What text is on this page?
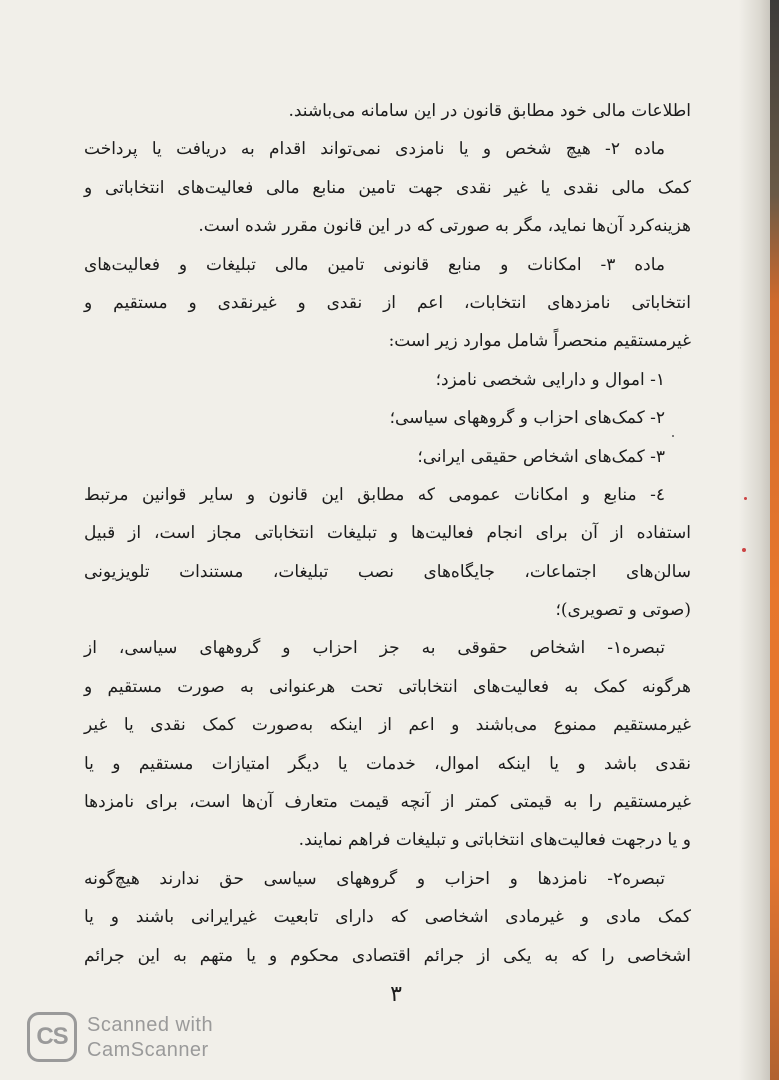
اطلاعات مالی خود مطابق قانون در این سامانه می‌باشند.
ماده ۲- هیچ شخص و یا نامزدی نمی‌تواند اقدام به دریافت یا پرداخت
کمک مالی نقدی یا غیر نقدی جهت تامین منابع مالی فعالیت‌های انتخاباتی و
هزینه‌کرد آن‌ها نماید، مگر به صورتی که در این قانون مقرر شده است.
ماده ۳- امکانات و منابع قانونی تامین مالی تبلیغات و فعالیت‌های
انتخاباتی نامزدهای انتخابات، اعم از نقدی و غیرنقدی و مستقیم و
غیرمستقیم منحصراً شامل موارد زیر است:
۱- اموال و دارایی شخصی نامزد؛
۲- کمک‌های احزاب و گروههای سیاسی؛
۳- کمک‌های اشخاص حقیقی ایرانی؛
٤- منابع و امکانات عمومی که مطابق این قانون و سایر قوانین مرتبط
استفاده از آن برای انجام فعالیت‌ها و تبلیغات انتخاباتی مجاز است، از قبیل
سالن‌های اجتماعات، جایگاه‌های نصب تبلیغات، مستندات تلویزیونی
(صوتی و تصویری)؛
تبصره۱- اشخاص حقوقی به جز احزاب و گروههای سیاسی، از
هرگونه کمک به فعالیت‌های انتخاباتی تحت هرعنوانی به صورت مستقیم و
غیرمستقیم ممنوع می‌باشند و اعم از اینکه به‌صورت کمک نقدی یا غیر
نقدی باشد و یا اینکه اموال، خدمات یا دیگر امتیازات مستقیم و یا
غیرمستقیم را به قیمتی کمتر از آنچه قیمت متعارف آن‌ها است، برای نامزدها
و یا درجهت فعالیت‌های انتخاباتی و تبلیغات فراهم نمایند.
تبصره۲- نامزدها و احزاب و گروههای سیاسی حق ندارند هیچ‌گونه
کمک مادی و غیرمادی اشخاصی که دارای تابعیت غیرایرانی باشند و یا
اشخاصی را که به یکی از جرائم اقتصادی محکوم و یا متهم به این جرائم
۳
CS Scanned with
CamScanner
